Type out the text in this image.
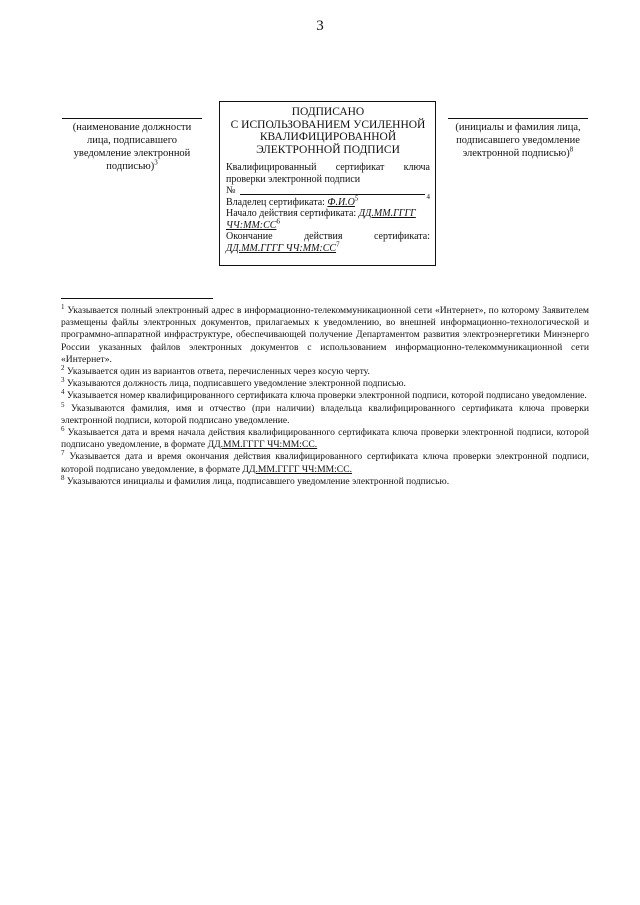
3
(наименование должности
лица, подписавшего
уведомление электронной
подписью)$^3$
ПОДПИСАНО
С ИСПОЛЬЗОВАНИЕМ УСИЛЕННОЙ
КВАЛИФИЦИРОВАННОЙ
ЭЛЕКТРОННОЙ ПОДПИСИ
Квалифицированный сертификат ключа
проверки электронной подписи
№
4
Владелец сертификата: $Ф.И.О^5$
Начало действия сертификата: ДД.ММ.ГГГГ
$ЧЧ:ММ:СС^6$
Окончание	действия	сертификата:
ДД.ММ.ГГГГ $ЧЧ:ММ:СС^7$
(инициалы и фамилия лица,
подписавшего уведомление
электронной подписью)$^8$

$^1$ Указывается полный электронный адрес в информационно-телекоммуникационной сети «Интернет», по которому Заявителем размещены файлы электронных документов, прилагаемых к уведомлению, во внешней информационно-технологической и программно-аппаратной инфраструктуре, обеспечивающей получение Департаментом развития электроэнергетики Минэнерго России указанных файлов электронных документов с использованием информационно-телекоммуникационной сети «Интернет».

$^2$ Указывается один из вариантов ответа, перечисленных через косую черту.

$^3$ Указываются должность лица, подписавшего уведомление электронной подписью.

$^4$ Указывается номер квалифицированного сертификата ключа проверки электронной подписи, которой подписано уведомление.

$^5$ Указываются фамилия, имя и отчество (при наличии) владельца квалифицированного сертификата ключа проверки электронной подписи, которой подписано уведомление.

$^6$ Указывается дата и время начала действия квалифицированного сертификата ключа проверки электронной подписи, которой подписано уведомление, в формате ДД.ММ.ГГГГ ЧЧ:ММ:СС.

$^7$ Указывается дата и время окончания действия квалифицированного сертификата ключа проверки электронной подписи, которой подписано уведомление, в формате ДД.ММ.ГГГГ ЧЧ:ММ:СС.

$^8$ Указываются инициалы и фамилия лица, подписавшего уведомление электронной подписью.
